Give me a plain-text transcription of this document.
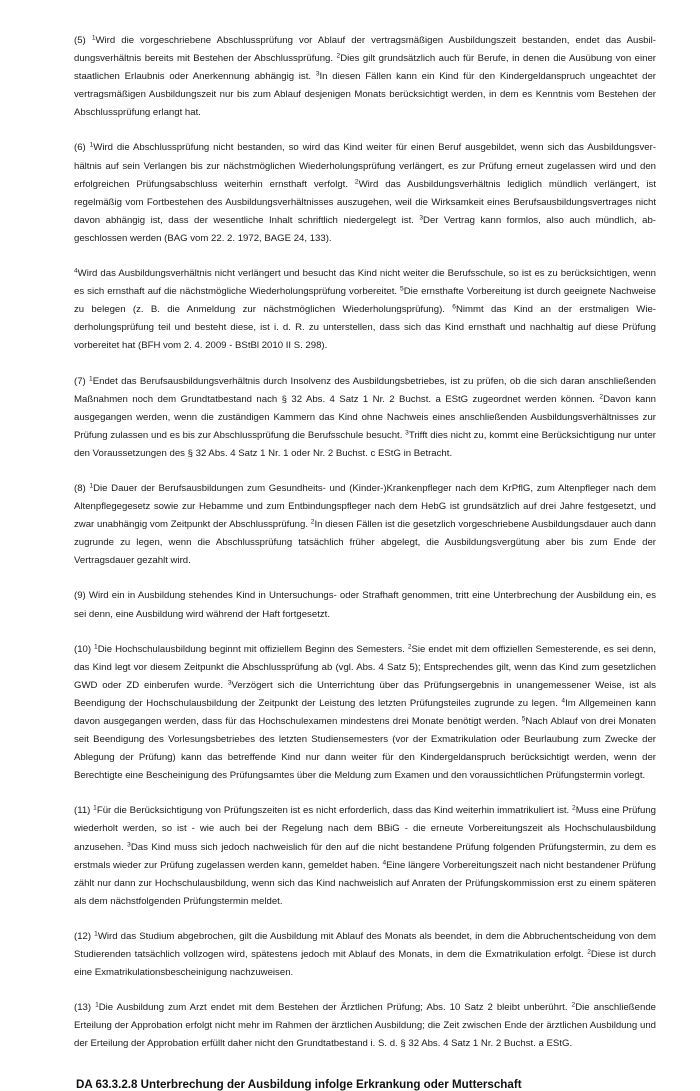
(5) $^1$Wird die vorgeschriebene Abschlussprüfung vor Ablauf der vertragsmäßigen Ausbildungszeit bestanden, endet das Ausbildungsverhältnis bereits mit Bestehen der Abschlussprüfung. $^2$Dies gilt grundsätzlich auch für Berufe, in denen die Ausübung von einer staatlichen Erlaubnis oder Anerkennung abhängig ist. $^3$In diesen Fällen kann ein Kind für den Kindergeldanspruch ungeachtet der vertragsmäßigen Ausbildungszeit nur bis zum Ablauf desjenigen Monats berücksichtigt werden, in dem es Kenntnis vom Bestehen der Abschlussprüfung erlangt hat.

(6) $^1$Wird die Abschlussprüfung nicht bestanden, so wird das Kind weiter für einen Beruf ausgebildet, wenn sich das Ausbildungsverhältnis auf sein Verlangen bis zur nächstmöglichen Wiederholungsprüfung verlängert, es zur Prüfung erneut zugelassen wird und den erfolgreichen Prüfungsabschluss weiterhin ernsthaft verfolgt. $^2$Wird das Ausbildungsverhältnis lediglich mündlich verlängert, ist regelmäßig vom Fortbestehen des Ausbildungsverhältnisses auszugehen, weil die Wirksamkeit eines Berufsausbildungsvertrages nicht davon abhängig ist, dass der wesentliche Inhalt schriftlich niedergelegt ist. $^3$Der Vertrag kann formlos, also auch mündlich, abgeschlossen werden (BAG vom 22. 2. 1972, BAGE 24, 133).

$^4$Wird das Ausbildungsverhältnis nicht verlängert und besucht das Kind nicht weiter die Berufsschule, so ist es zu berücksichtigen, wenn es sich ernsthaft auf die nächstmögliche Wiederholungsprüfung vorbereitet. $^5$Die ernsthafte Vorbereitung ist durch geeignete Nachweise zu belegen (z. B. die Anmeldung zur nächstmöglichen Wiederholungsprüfung). $^6$Nimmt das Kind an der erstmaligen Wiederholungsprüfung teil und besteht diese, ist i. d. R. zu unterstellen, dass sich das Kind ernsthaft und nachhaltig auf diese Prüfung vorbereitet hat (BFH vom 2. 4. 2009 - BStBl 2010 II S. 298).

(7) $^1$Endet das Berufsausbildungsverhältnis durch Insolvenz des Ausbildungsbetriebes, ist zu prüfen, ob die sich daran anschließenden Maßnahmen noch dem Grundtatbestand nach § 32 Abs. 4 Satz 1 Nr. 2 Buchst. a EStG zugeordnet werden können. $^2$Davon kann ausgegangen werden, wenn die zuständigen Kammern das Kind ohne Nachweis eines anschließenden Ausbildungsverhältnisses zur Prüfung zulassen und es bis zur Abschlussprüfung die Berufsschule besucht. $^3$Trifft dies nicht zu, kommt eine Berücksichtigung nur unter den Voraussetzungen des § 32 Abs. 4 Satz 1 Nr. 1 oder Nr. 2 Buchst. c EStG in Betracht.

(8) $^1$Die Dauer der Berufsausbildungen zum Gesundheits- und (Kinder-)Krankenpfleger nach dem KrPflG, zum Altenpfleger nach dem Altenpflegegesetz sowie zur Hebamme und zum Entbindungspfleger nach dem HebG ist grundsätzlich auf drei Jahre festgesetzt, und zwar unabhängig vom Zeitpunkt der Abschlussprüfung. $^2$In diesen Fällen ist die gesetzlich vorgeschriebene Ausbildungsdauer auch dann zugrunde zu legen, wenn die Abschlussprüfung tatsächlich früher abgelegt, die Ausbildungsvergütung aber bis zum Ende der Vertragsdauer gezahlt wird.

(9) Wird ein in Ausbildung stehendes Kind in Untersuchungs- oder Strafhaft genommen, tritt eine Unterbrechung der Ausbildung ein, es sei denn, eine Ausbildung wird während der Haft fortgesetzt.

(10) $^1$Die Hochschulausbildung beginnt mit offiziellem Beginn des Semesters. $^2$Sie endet mit dem offiziellen Semesterende, es sei denn, das Kind legt vor diesem Zeitpunkt die Abschlussprüfung ab (vgl. Abs. 4 Satz 5); Entsprechendes gilt, wenn das Kind zum gesetzlichen GWD oder ZD einberufen wurde. $^3$Verzögert sich die Unterrichtung über das Prüfungsergebnis in unangemessener Weise, ist als Beendigung der Hochschulausbildung der Zeitpunkt der Leistung des letzten Prüfungsteiles zugrunde zu legen. $^4$Im Allgemeinen kann davon ausgegangen werden, dass für das Hochschulexamen mindestens drei Monate benötigt werden. $^5$Nach Ablauf von drei Monaten seit Beendigung des Vorlesungsbetriebes des letzten Studiensemesters (vor der Exmatrikulation oder Beurlaubung zum Zwecke der Ablegung der Prüfung) kann das betreffende Kind nur dann weiter für den Kindergeldanspruch berücksichtigt werden, wenn der Berechtigte eine Bescheinigung des Prüfungsamtes über die Meldung zum Examen und den voraussichtlichen Prüfungstermin vorlegt.

(11) $^1$Für die Berücksichtigung von Prüfungszeiten ist es nicht erforderlich, dass das Kind weiterhin immatrikuliert ist. $^2$Muss eine Prüfung wiederholt werden, so ist - wie auch bei der Regelung nach dem BBiG - die erneute Vorbereitungszeit als Hochschulausbildung anzusehen. $^3$Das Kind muss sich jedoch nachweislich für den auf die nicht bestandene Prüfung folgenden Prüfungstermin, zu dem es erstmals wieder zur Prüfung zugelassen werden kann, gemeldet haben. $^4$Eine längere Vorbereitungszeit nach nicht bestandener Prüfung zählt nur dann zur Hochschulausbildung, wenn sich das Kind nachweislich auf Anraten der Prüfungskommission erst zu einem späteren als dem nächstfolgenden Prüfungstermin meldet.

(12) $^1$Wird das Studium abgebrochen, gilt die Ausbildung mit Ablauf des Monats als beendet, in dem die Abbruchentscheidung von dem Studierenden tatsächlich vollzogen wird, spätestens jedoch mit Ablauf des Monats, in dem die Exmatrikulation erfolgt. $^2$Diese ist durch eine Exmatrikulationsbescheinigung nachzuweisen.

(13) $^1$Die Ausbildung zum Arzt endet mit dem Bestehen der Ärztlichen Prüfung; Abs. 10 Satz 2 bleibt unberührt. $^2$Die anschließende Erteilung der Approbation erfolgt nicht mehr im Rahmen der ärztlichen Ausbildung; die Zeit zwischen Ende der ärztlichen Ausbildung und der Erteilung der Approbation erfüllt daher nicht den Grundtatbestand i. S. d. § 32 Abs. 4 Satz 1 Nr. 2 Buchst. a EStG.

DA 63.3.2.8 Unterbrechung der Ausbildung infolge Erkrankung oder Mutterschaft
